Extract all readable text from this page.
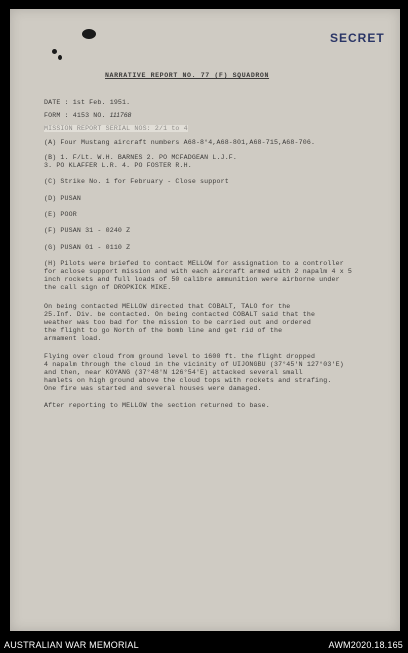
SECRET
NARRATIVE REPORT NO. 77 (F) SQUADRON
DATE : 1st Feb. 1951.
FORM : 4153 NO. 111768
MISSION REPORT SERIAL NOS: 2/1 to 4
(A) Four Mustang aircraft numbers A68-8°4,A68-801,A68-715,A68-706.
(B) 1. F/Lt. W.H. BARNES 2. PO MCFADGEAN L.J.F.
3. PO KLAFFER L.R. 4. PO FOSTER R.H.
(C) Strike No. 1 for February - Close support
(D) PUSAN
(E) POOR
(F) PUSAN 31 - 0240 Z
(G) PUSAN 01 - 0110 Z
(H) Pilots were briefed to contact MELLOW for assignation to a controller
for aclose support mission and with each aircraft armed with 2 napalm 4 x 5
inch rockets and full loads of 50 calibre ammunition were airborne under
the call sign of DROPKICK MIKE.
On being contacted MELLOW directed that COBALT, TALO for the
25.Inf. Div. be contacted. On being contacted COBALT said that the
weather was too bad for the mission to be carried out and ordered
the flight to go North of the bomb line and get rid of the
armament load.
Flying over cloud from ground level to 1600 ft. the flight dropped
4 napalm through the cloud in the vicinity of UIJONGBU (37°45'N 127°03'E)
and then, near KOYANG (37°48'N 126°54'E) attacked several small
hamlets on high ground above the cloud tops with rockets and strafing.
One fire was started and several houses were damaged.
After reporting to MELLOW the section returned to base.
AUSTRALIAN WAR MEMORIAL	AWM2020.18.165
